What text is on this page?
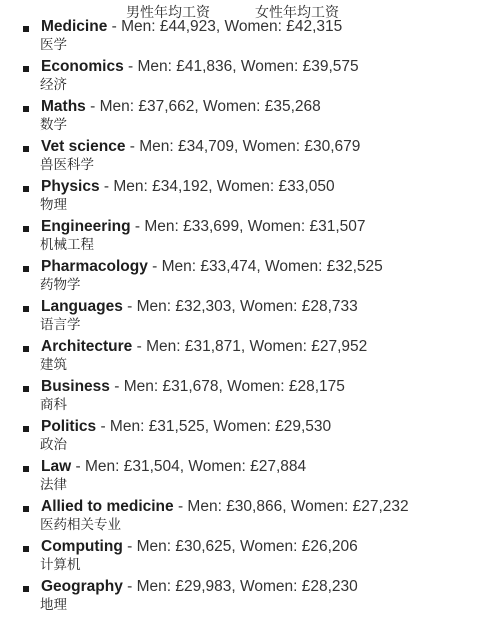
男性年均工资	女性年均工资
Medicine - Men: £44,923, Women: £42,315
医学
Economics - Men: £41,836, Women: £39,575
经济
Maths - Men: £37,662, Women: £35,268
数学
Vet science - Men: £34,709, Women: £30,679
兽医科学
Physics - Men: £34,192, Women: £33,050
物理
Engineering - Men: £33,699, Women: £31,507
机械工程
Pharmacology - Men: £33,474, Women: £32,525
药物学
Languages - Men: £32,303, Women: £28,733
语言学
Architecture - Men: £31,871, Women: £27,952
建筑
Business - Men: £31,678, Women: £28,175
商科
Politics - Men: £31,525, Women: £29,530
政治
Law - Men: £31,504, Women: £27,884
法律
Allied to medicine - Men: £30,866, Women: £27,232
医药相关专业
Computing - Men: £30,625, Women: £26,206
计算机
Geography - Men: £29,983, Women: £28,230
地理
